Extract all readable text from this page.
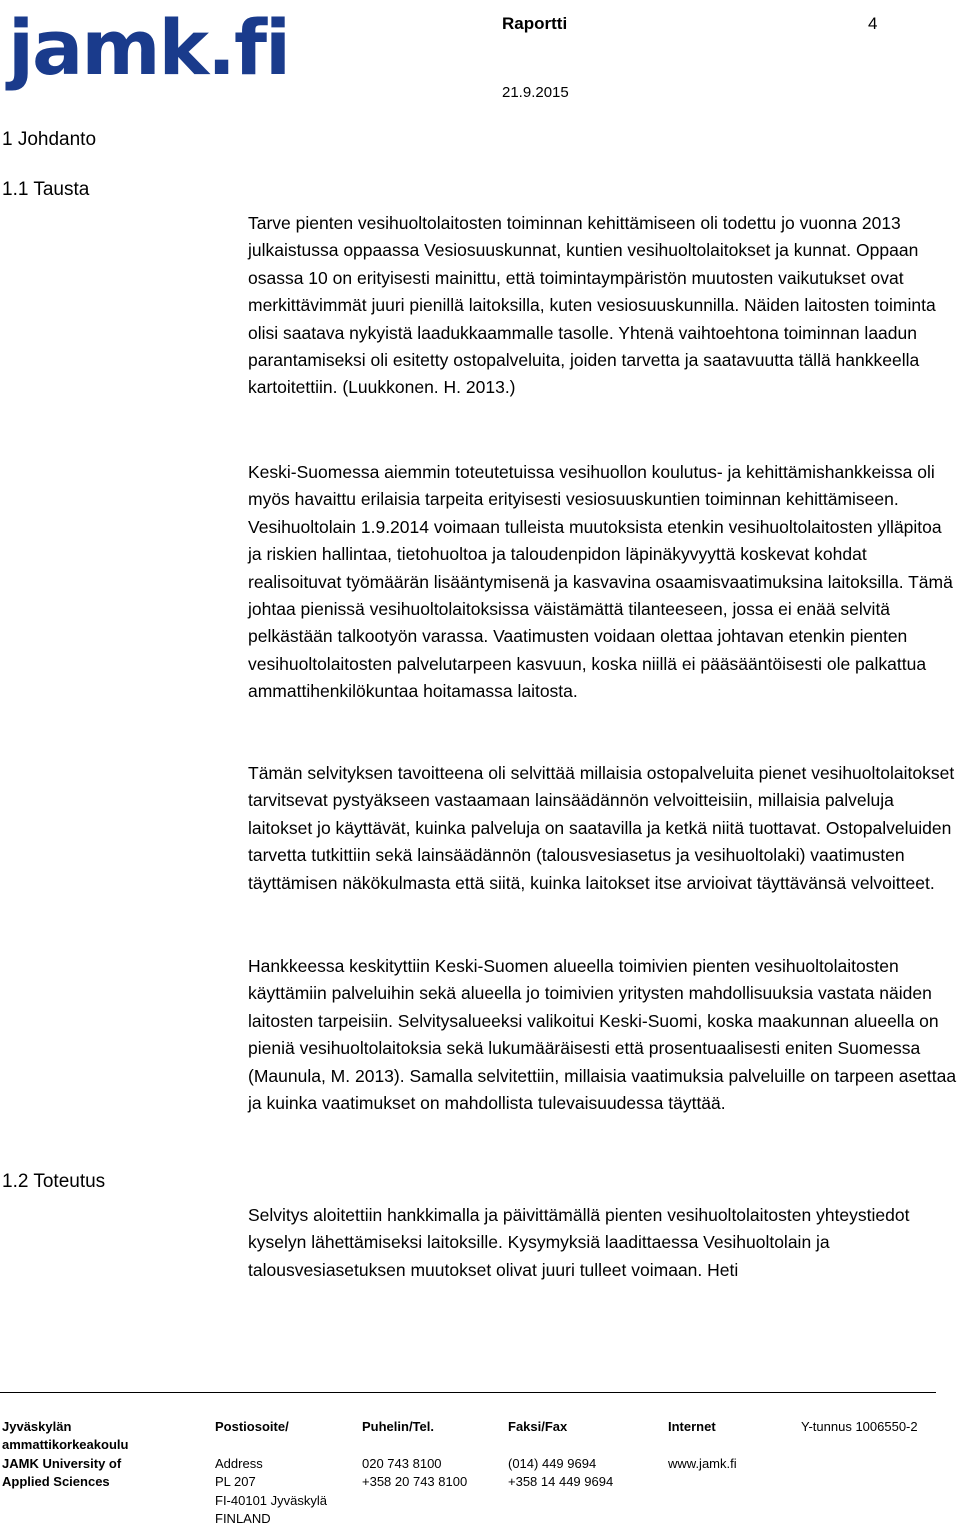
jamk.fi	Raportti	4
21.9.2015
1 Johdanto
1.1 Tausta

Tarve pienten vesihuoltolaitosten toiminnan kehittämiseen oli todettu jo vuonna 2013 julkaistussa oppaassa Vesiosuuskunnat, kuntien vesihuoltolaitokset ja kunnat. Oppaan osassa 10 on erityisesti mainittu, että toimintaympäristön muutosten vaikutukset ovat merkittävimmät juuri pienillä laitoksilla, kuten vesiosuuskunnilla. Näiden laitosten toiminta olisi saatava nykyistä laadukkaammalle tasolle. Yhtenä vaihtoehtona toiminnan laadun parantamiseksi oli esitetty ostopalveluita, joiden tarvetta ja saatavuutta tällä hankkeella kartoitettiin. (Luukkonen. H. 2013.)

Keski-Suomessa aiemmin toteutetuissa vesihuollon koulutus- ja kehittämishankkeissa oli myös havaittu erilaisia tarpeita erityisesti vesiosuuskuntien toiminnan kehittämiseen. Vesihuoltolain 1.9.2014 voimaan tulleista muutoksista etenkin vesihuoltolaitosten ylläpitoa ja riskien hallintaa, tietohuoltoa ja taloudenpidon läpinäkyvyyttä koskevat kohdat realisoituvat työmäärän lisääntymisenä ja kasvavina osaamisvaatimuksina laitoksilla. Tämä johtaa pienissä vesihuoltolaitoksissa väistämättä tilanteeseen, jossa ei enää selvitä pelkästään talkootyön varassa. Vaatimusten voidaan olettaa johtavan etenkin pienten vesihuoltolaitosten palvelutarpeen kasvuun, koska niillä ei pääsääntöisesti ole palkattua ammattihenkilökuntaa hoitamassa laitosta.

Tämän selvityksen tavoitteena oli selvittää millaisia ostopalveluita pienet vesihuoltolaitokset tarvitsevat pystyäkseen vastaamaan lainsäädännön velvoitteisiin, millaisia palveluja laitokset jo käyttävät, kuinka palveluja on saatavilla ja ketkä niitä tuottavat. Ostopalveluiden tarvetta tutkittiin sekä lainsäädännön (talousvesiasetus ja vesihuoltolaki) vaatimusten täyttämisen näkökulmasta että siitä, kuinka laitokset itse arvioivat täyttävänsä velvoitteet.

Hankkeessa keskityttiin Keski-Suomen alueella toimivien pienten vesihuoltolaitosten käyttämiin palveluihin sekä alueella jo toimivien yritysten mahdollisuuksia vastata näiden laitosten tarpeisiin. Selvitysalueeksi valikoitui Keski-Suomi, koska maakunnan alueella on pieniä vesihuoltolaitoksia sekä lukumääräisesti että prosentuaalisesti eniten Suomessa (Maunula, M. 2013). Samalla selvitettiin, millaisia vaatimuksia palveluille on tarpeen asettaa ja kuinka vaatimukset on mahdollista tulevaisuudessa täyttää.

1.2 Toteutus

Selvitys aloitettiin hankkimalla ja päivittämällä pienten vesihuoltolaitosten yhteystiedot kyselyn lähettämiseksi laitoksille. Kysymyksiä laadittaessa Vesihuoltolain ja talousvesiasetuksen muutokset olivat juuri tulleet voimaan. Heti

Jyväskylän
ammattikorkeakoulu
JAMK University of
Applied Sciences

Postiosoite/

Address
PL 207
FI-40101 Jyväskylä
FINLAND

Puhelin/Tel.

020 743 8100
+358 20 743 8100

Faksi/Fax

(014) 449 9694
+358 14 449 9694

Internet

www.jamk.fi

Y-tunnus 1006550-2
